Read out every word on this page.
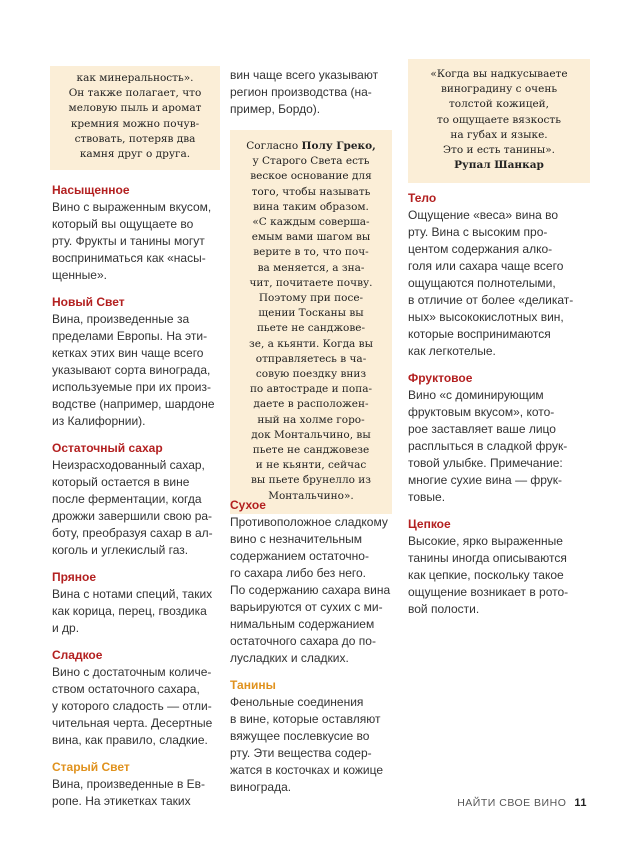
как минеральность».
Он также полагает, что
меловую пыль и аромат
кремния можно почув-
ствовать, потеряв два
камня друг о друга.
Насыщенное
Вино с выраженным вкусом,
который вы ощущаете во
рту. Фрукты и танины могут
восприниматься как «насы-
щенные».
Новый Свет
Вина, произведенные за
пределами Европы. На эти-
кетках этих вин чаще всего
указывают сорта винограда,
используемые при их произ-
водстве (например, шардоне
из Калифорнии).
Остаточный сахар
Неизрасходованный сахар,
который остается в вине
после ферментации, когда
дрожжи завершили свою ра-
боту, преобразуя сахар в ал-
коголь и углекислый газ.
Пряное
Вина с нотами специй, таких
как корица, перец, гвоздика
и др.
Сладкое
Вино с достаточным количе-
ством остаточного сахара,
у которого сладость — отли-
чительная черта. Десертные
вина, как правило, сладкие.
Старый Свет
Вина, произведенные в Ев-
ропе. На этикетках таких
вин чаще всего указывают
регион производства (на-
пример, Бордо).
Согласно Полу Греко,
у Старого Света есть
веское основание для
того, чтобы называть
вина таким образом.
«С каждым соверша-
емым вами шагом вы
верите в то, что поч-
ва меняется, а зна-
чит, почитаете почву.
Поэтому при посе-
щении Тосканы вы
пьете не санджове-
зе, а кьянти. Когда вы
отправляетесь в ча-
совую поездку вниз
по автостраде и попа-
даете в расположен-
ный на холме горо-
док Монтальчино, вы
пьете не санджовезе
и не кьянти, сейчас
вы пьете брунелло из
Монтальчино».
Сухое
Противоположное сладкому
вино с незначительным
содержанием остаточно-
го сахара либо без него.
По содержанию сахара вина
варьируются от сухих с ми-
нимальным содержанием
остаточного сахара до по-
лусладких и сладких.
Танины
Фенольные соединения
в вине, которые оставляют
вяжущее послевкусие во
рту. Эти вещества содер-
жатся в косточках и кожице
винограда.
«Когда вы надкусываете
виноградину с очень
толстой кожицей,
то ощущаете вязкость
на губах и языке.
Это и есть танины».
Рупал Шанкар
Тело
Ощущение «веса» вина во
рту. Вина с высоким про-
центом содержания алко-
голя или сахара чаще всего
ощущаются полнотелыми,
в отличие от более «деликат-
ных» высококислотных вин,
которые воспринимаются
как легкотелые.
Фруктовое
Вино «с доминирующим
фруктовым вкусом», кото-
рое заставляет ваше лицо
расплыться в сладкой фрук-
товой улыбке. Примечание:
многие сухие вина — фрук-
товые.
Цепкое
Высокие, ярко выраженные
танины иногда описываются
как цепкие, поскольку такое
ощущение возникает в рото-
вой полости.
НАЙТИ СВОЕ ВИНО 11
